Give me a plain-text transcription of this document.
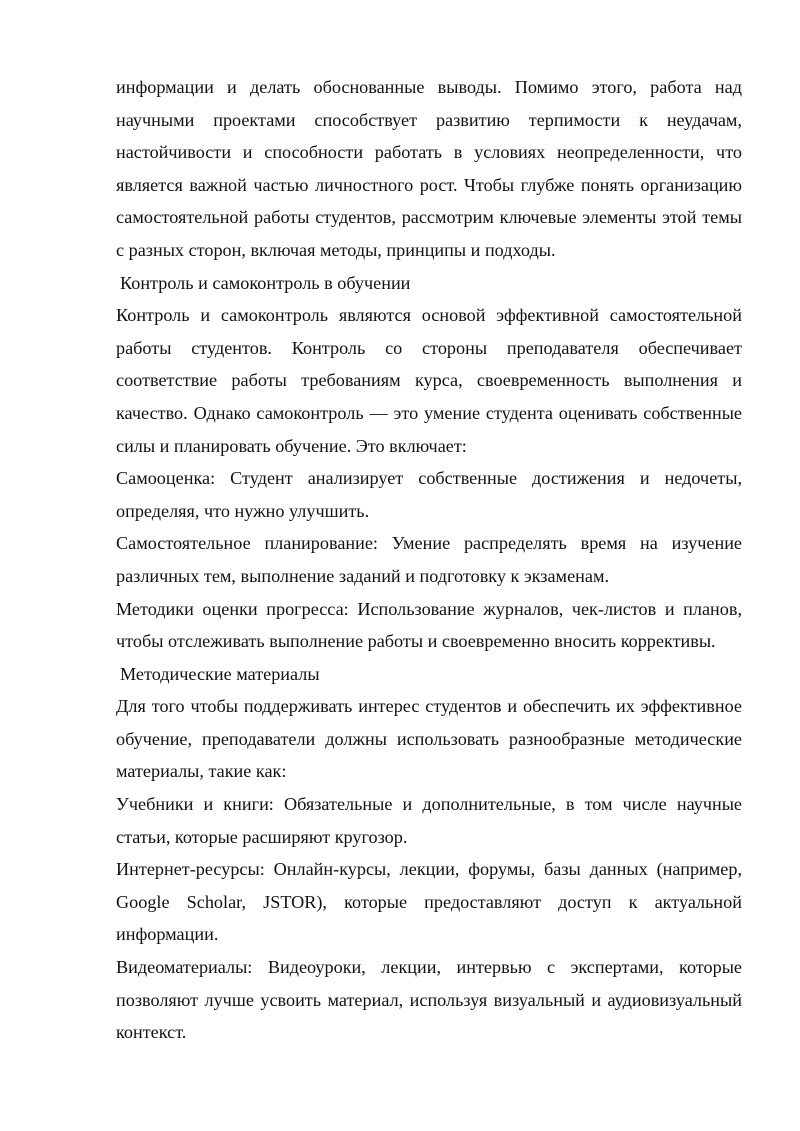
информации и делать обоснованные выводы. Помимо этого, работа над научными проектами способствует развитию терпимости к неудачам, настойчивости и способности работать в условиях неопределенности, что является важной частью личностного рост. Чтобы глубже понять организацию самостоятельной работы студентов, рассмотрим ключевые элементы этой темы с разных сторон, включая методы, принципы и подходы.

Контроль и самоконтроль в обучении

Контроль и самоконтроль являются основой эффективной самостоятельной работы студентов. Контроль со стороны преподавателя обеспечивает соответствие работы требованиям курса, своевременность выполнения и качество. Однако самоконтроль — это умение студента оценивать собственные силы и планировать обучение. Это включает:

Самооценка: Студент анализирует собственные достижения и недочеты, определяя, что нужно улучшить.

Самостоятельное планирование: Умение распределять время на изучение различных тем, выполнение заданий и подготовку к экзаменам.

Методики оценки прогресса: Использование журналов, чек-листов и планов, чтобы отслеживать выполнение работы и своевременно вносить коррективы.

Методические материалы

Для того чтобы поддерживать интерес студентов и обеспечить их эффективное обучение, преподаватели должны использовать разнообразные методические материалы, такие как:

Учебники и книги: Обязательные и дополнительные, в том числе научные статьи, которые расширяют кругозор.

Интернет-ресурсы: Онлайн-курсы, лекции, форумы, базы данных (например, Google Scholar, JSTOR), которые предоставляют доступ к актуальной информации.

Видеоматериалы: Видеоуроки, лекции, интервью с экспертами, которые позволяют лучше усвоить материал, используя визуальный и аудиовизуальный контекст.
